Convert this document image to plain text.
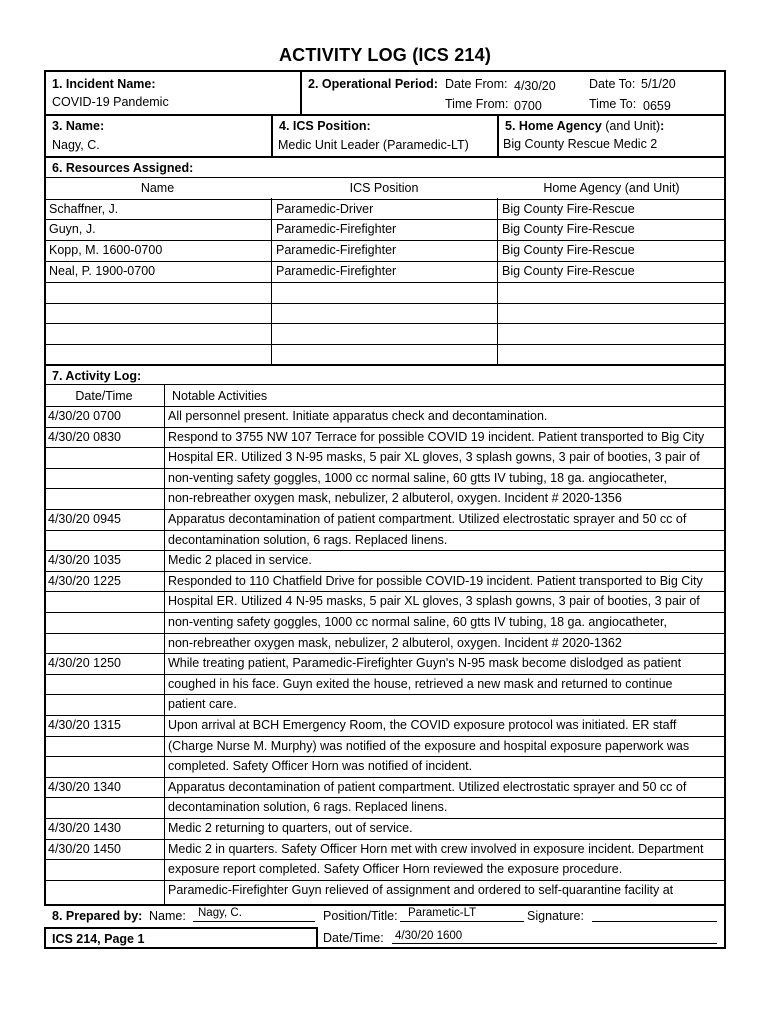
ACTIVITY LOG (ICS 214)
1. Incident Name:
COVID-19 Pandemic
2. Operational Period: Date From: 4/30/20	Date To: 5/1/20
Time From: 0700	Time To: 0659
3. Name:
Nagy, C.
4. ICS Position:
Medic Unit Leader (Paramedic-LT)
5. Home Agency (and Unit):
Big County Rescue Medic 2
6. Resources Assigned:
Name	ICS Position	Home Agency (and Unit)
Schaffner, J.	Paramedic-Driver	Big County Fire-Rescue
Guyn, J.	Paramedic-Firefighter	Big County Fire-Rescue
Kopp, M. 1600-0700	Paramedic-Firefighter	Big County Fire-Rescue
Neal, P. 1900-0700	Paramedic-Firefighter	Big County Fire-Rescue
7. Activity Log:
Date/Time	Notable Activities
4/30/20 0700	All personnel present. Initiate apparatus check and decontamination.
4/30/20 0830	Respond to 3755 NW 107 Terrace for possible COVID 19 incident. Patient transported to Big City
Hospital ER. Utilized 3 N-95 masks, 5 pair XL gloves, 3 splash gowns, 3 pair of booties, 3 pair of
non-venting safety goggles, 1000 cc normal saline, 60 gtts IV tubing, 18 ga. angiocatheter,
non-rebreather oxygen mask, nebulizer, 2 albuterol, oxygen. Incident # 2020-1356
4/30/20 0945	Apparatus decontamination of patient compartment. Utilized electrostatic sprayer and 50 cc of
decontamination solution, 6 rags. Replaced linens.
4/30/20 1035	Medic 2 placed in service.
4/30/20 1225	Responded to 110 Chatfield Drive for possible COVID-19 incident. Patient transported to Big City
Hospital ER. Utilized 4 N-95 masks, 5 pair XL gloves, 3 splash gowns, 3 pair of booties, 3 pair of
non-venting safety goggles, 1000 cc normal saline, 60 gtts IV tubing, 18 ga. angiocatheter,
non-rebreather oxygen mask, nebulizer, 2 albuterol, oxygen. Incident # 2020-1362
4/30/20 1250	While treating patient, Paramedic-Firefighter Guyn's N-95 mask become dislodged as patient
coughed in his face. Guyn exited the house, retrieved a new mask and returned to continue
patient care.
4/30/20 1315	Upon arrival at BCH Emergency Room, the COVID exposure protocol was initiated. ER staff
(Charge Nurse M. Murphy) was notified of the exposure and hospital exposure paperwork was
completed. Safety Officer Horn was notified of incident.
4/30/20 1340	Apparatus decontamination of patient compartment. Utilized electrostatic sprayer and 50 cc of
decontamination solution, 6 rags. Replaced linens.
4/30/20 1430	Medic 2 returning to quarters, out of service.
4/30/20 1450	Medic 2 in quarters. Safety Officer Horn met with crew involved in exposure incident. Department
exposure report completed. Safety Officer Horn reviewed the exposure procedure.
Paramedic-Firefighter Guyn relieved of assignment and ordered to self-quarantine facility at
8. Prepared by: Name: Nagy, C.	Position/Title: Parametic-LT	Signature:
ICS 214, Page 1	Date/Time: 4/30/20 1600
